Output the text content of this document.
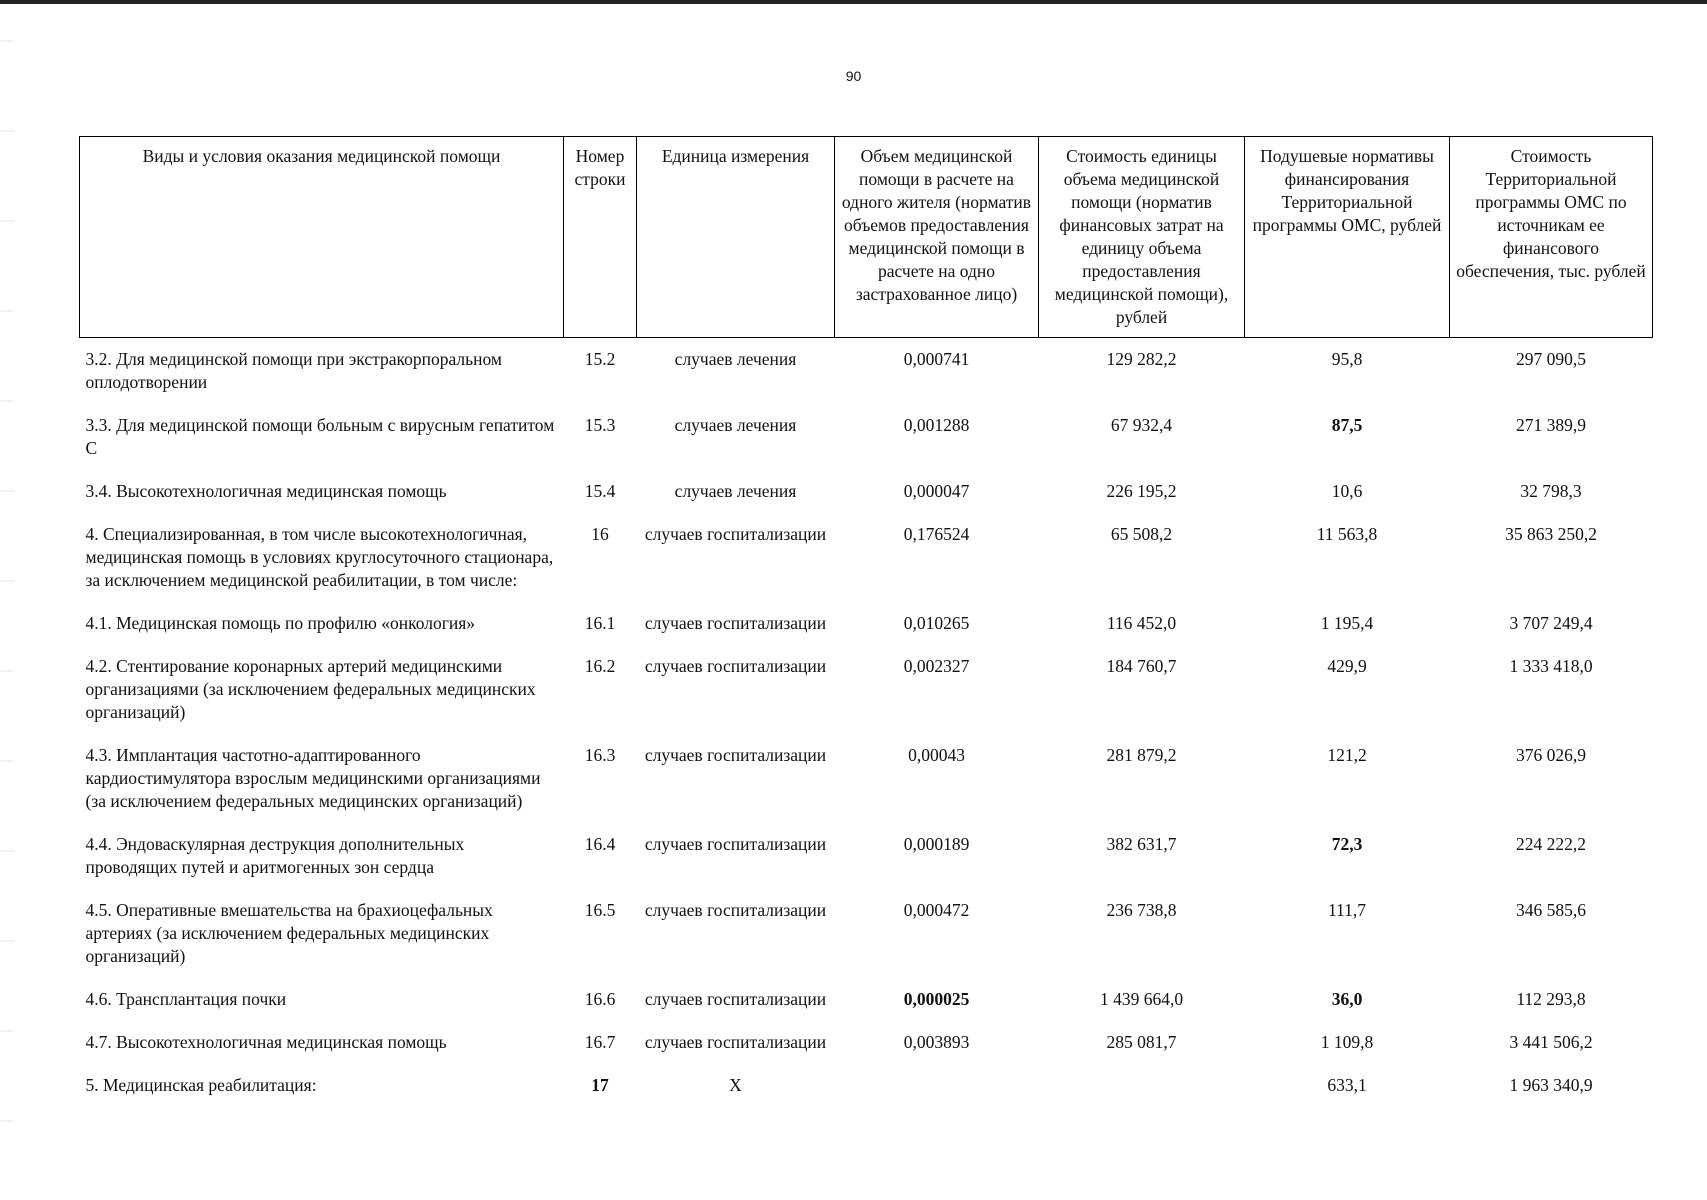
90
Виды и условия оказания медицинской помощи	Номер строки	Единица измерения	Объем медицинской помощи в расчете на одного жителя (норматив объемов предоставления медицинской помощи в расчете на одно застрахованное лицо)	Стоимость единицы объема медицинской помощи (норматив финансовых затрат на единицу объема предоставления медицинской помощи), рублей	Подушевые нормативы финансирования Территориальной программы ОМС, рублей	Стоимость Территориальной программы ОМС по источникам ее финансового обеспечения, тыс. рублей
3.2. Для медицинской помощи при экстракорпоральном оплодотворении	15.2	случаев лечения	0,000741	129 282,2	95,8	297 090,5
3.3. Для медицинской помощи больным с вирусным гепатитом С	15.3	случаев лечения	0,001288	67 932,4	87,5	271 389,9
3.4. Высокотехнологичная медицинская помощь	15.4	случаев лечения	0,000047	226 195,2	10,6	32 798,3
4. Специализированная, в том числе высокотехнологичная, медицинская помощь в условиях круглосуточного стационара, за исключением медицинской реабилитации, в том числе:	16	случаев госпитализации	0,176524	65 508,2	11 563,8	35 863 250,2
4.1. Медицинская помощь по профилю «онкология»	16.1	случаев госпитализации	0,010265	116 452,0	1 195,4	3 707 249,4
4.2. Стентирование коронарных артерий медицинскими организациями (за исключением федеральных медицинских организаций)	16.2	случаев госпитализации	0,002327	184 760,7	429,9	1 333 418,0
4.3. Имплантация частотно-адаптированного кардиостимулятора взрослым медицинскими организациями (за исключением федеральных медицинских организаций)	16.3	случаев госпитализации	0,00043	281 879,2	121,2	376 026,9
4.4. Эндоваскулярная деструкция дополнительных проводящих путей и аритмогенных зон сердца	16.4	случаев госпитализации	0,000189	382 631,7	72,3	224 222,2
4.5. Оперативные вмешательства на брахиоцефальных артериях (за исключением федеральных медицинских организаций)	16.5	случаев госпитализации	0,000472	236 738,8	111,7	346 585,6
4.6. Трансплантация почки	16.6	случаев госпитализации	0,000025	1 439 664,0	36,0	112 293,8
4.7. Высокотехнологичная медицинская помощь	16.7	случаев госпитализации	0,003893	285 081,7	1 109,8	3 441 506,2
5. Медицинская реабилитация:	17	Х			633,1	1 963 340,9
